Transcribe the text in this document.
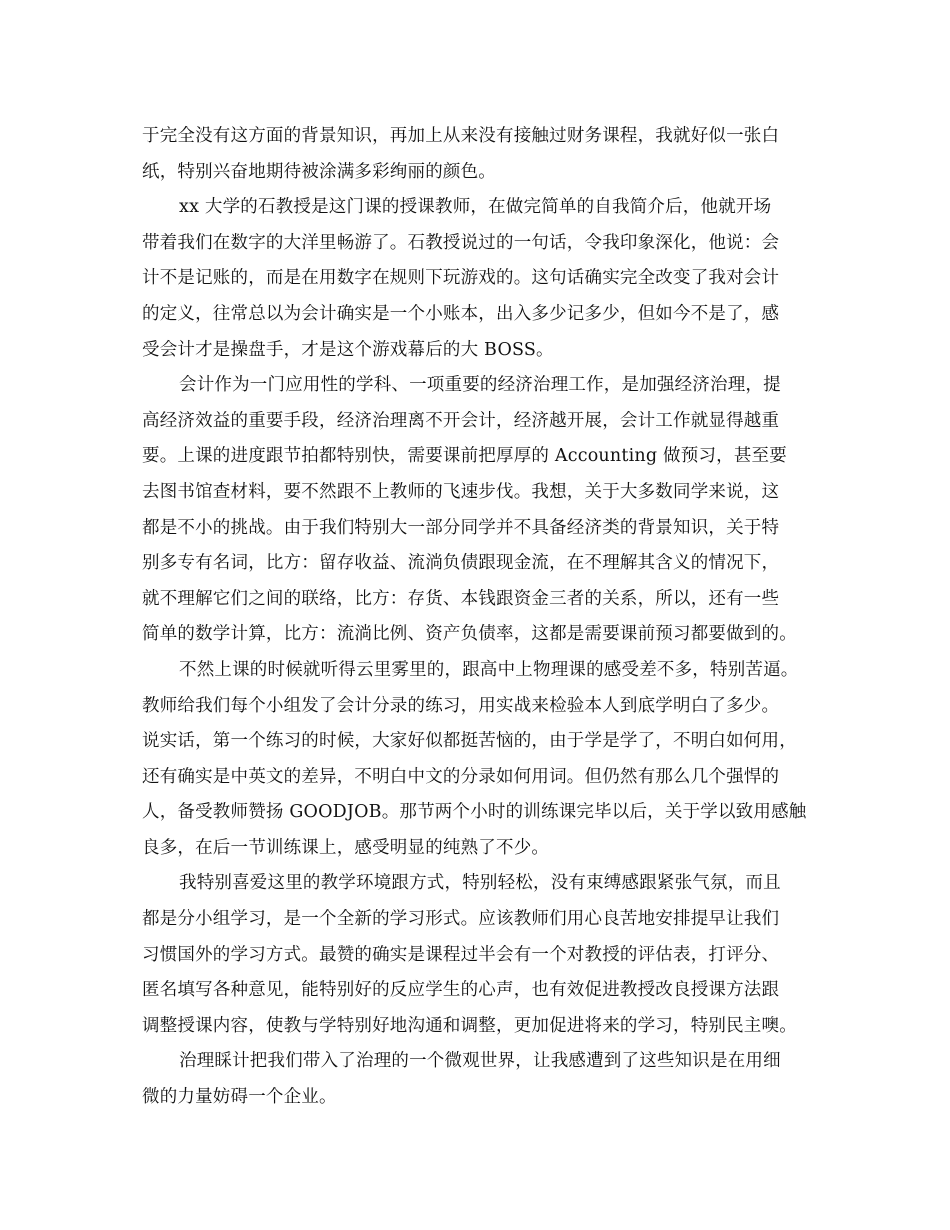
于完全没有这方面的背景知识，再加上从来没有接触过财务课程，我就好似一张白
纸，特别兴奋地期待被涂满多彩绚丽的颜色。
xx 大学的石教授是这门课的授课教师，在做完简单的自我简介后，他就开场
带着我们在数字的大洋里畅游了。石教授说过的一句话，令我印象深化，他说：会
计不是记账的，而是在用数字在规则下玩游戏的。这句话确实完全改变了我对会计
的定义，往常总以为会计确实是一个小账本，出入多少记多少，但如今不是了，感
受会计才是操盘手，才是这个游戏幕后的大 BOSS。
会计作为一门应用性的学科、一项重要的经济治理工作，是加强经济治理，提
高经济效益的重要手段，经济治理离不开会计，经济越开展，会计工作就显得越重
要。上课的进度跟节拍都特别快，需要课前把厚厚的 Accounting 做预习，甚至要
去图书馆查材料，要不然跟不上教师的飞速步伐。我想，关于大多数同学来说，这
都是不小的挑战。由于我们特别大一部分同学并不具备经济类的背景知识，关于特
别多专有名词，比方：留存收益、流淌负债跟现金流，在不理解其含义的情况下，
就不理解它们之间的联络，比方：存货、本钱跟资金三者的关系，所以，还有一些
简单的数学计算，比方：流淌比例、资产负债率，这都是需要课前预习都要做到的。
不然上课的时候就听得云里雾里的，跟高中上物理课的感受差不多，特别苦逼。
教师给我们每个小组发了会计分录的练习，用实战来检验本人到底学明白了多少。
说实话，第一个练习的时候，大家好似都挺苦恼的，由于学是学了，不明白如何用，
还有确实是中英文的差异，不明白中文的分录如何用词。但仍然有那么几个强悍的
人，备受教师赞扬 GOODJOB。那节两个小时的训练课完毕以后，关于学以致用感触
良多，在后一节训练课上，感受明显的纯熟了不少。
我特别喜爱这里的教学环境跟方式，特别轻松，没有束缚感跟紧张气氛，而且
都是分小组学习，是一个全新的学习形式。应该教师们用心良苦地安排提早让我们
习惯国外的学习方式。最赞的确实是课程过半会有一个对教授的评估表，打评分、
匿名填写各种意见，能特别好的反应学生的心声，也有效促进教授改良授课方法跟
调整授课内容，使教与学特别好地沟通和调整，更加促进将来的学习，特别民主噢。
治理睬计把我们带入了治理的一个微观世界，让我感遭到了这些知识是在用细
微的力量妨碍一个企业。
